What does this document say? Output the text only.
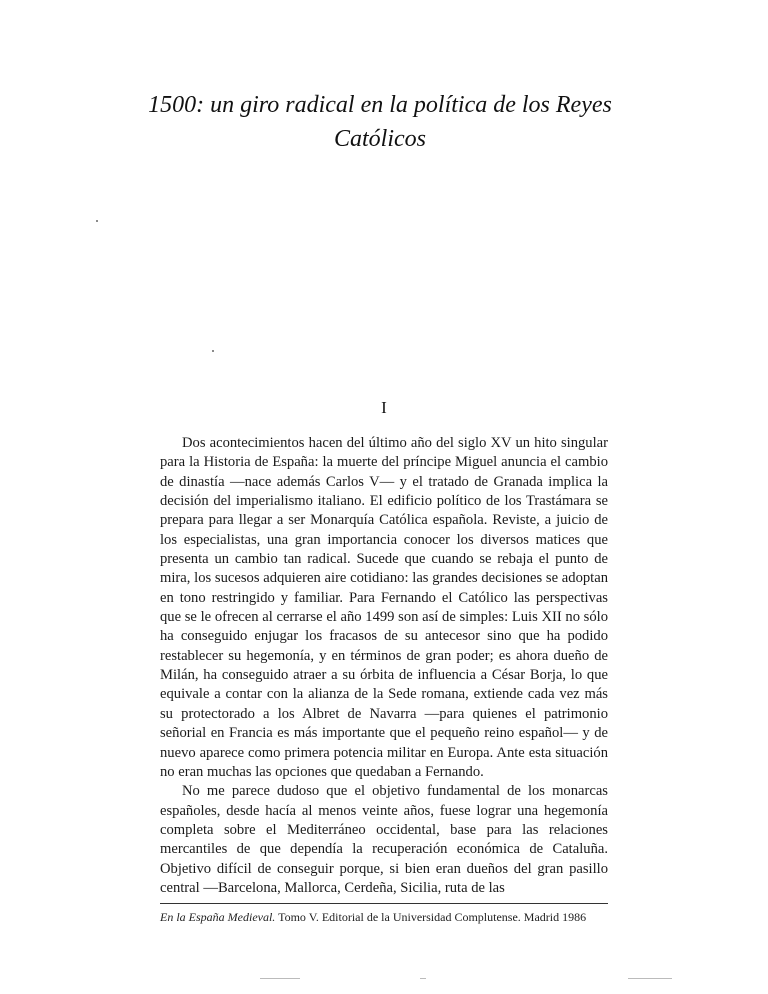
1500: un giro radical en la política de los Reyes
Católicos
I

Dos acontecimientos hacen del último año del siglo XV un hito singular para la Historia de España: la muerte del príncipe Miguel anuncia el cambio de dinastía —nace además Carlos V— y el tratado de Granada implica la decisión del imperialismo italiano. El edificio político de los Trastámara se prepara para llegar a ser Monarquía Católica española. Reviste, a juicio de los especialistas, una gran importancia conocer los diversos matices que presenta un cambio tan radical. Sucede que cuando se rebaja el punto de mira, los sucesos adquieren aire cotidiano: las grandes decisiones se adoptan en tono restringido y familiar. Para Fernando el Católico las perspectivas que se le ofrecen al cerrarse el año 1499 son así de simples: Luis XII no sólo ha conseguido enjugar los fracasos de su antecesor sino que ha podido restablecer su hegemonía, y en términos de gran poder; es ahora dueño de Milán, ha conseguido atraer a su órbita de influencia a César Borja, lo que equivale a contar con la alianza de la Sede romana, extiende cada vez más su protectorado a los Albret de Navarra —para quienes el patrimonio señorial en Francia es más importante que el pequeño reino español— y de nuevo aparece como primera potencia militar en Europa. Ante esta situación no eran muchas las opciones que quedaban a Fernando.

No me parece dudoso que el objetivo fundamental de los monarcas españoles, desde hacía al menos veinte años, fuese lograr una hegemonía completa sobre el Mediterráneo occidental, base para las relaciones mercantiles de que dependía la recuperación económica de Cataluña. Objetivo difícil de conseguir porque, si bien eran dueños del gran pasillo central —Barcelona, Mallorca, Cerdeña, Sicilia, ruta de las

En la España Medieval. Tomo V. Editorial de la Universidad Complutense. Madrid 1986
